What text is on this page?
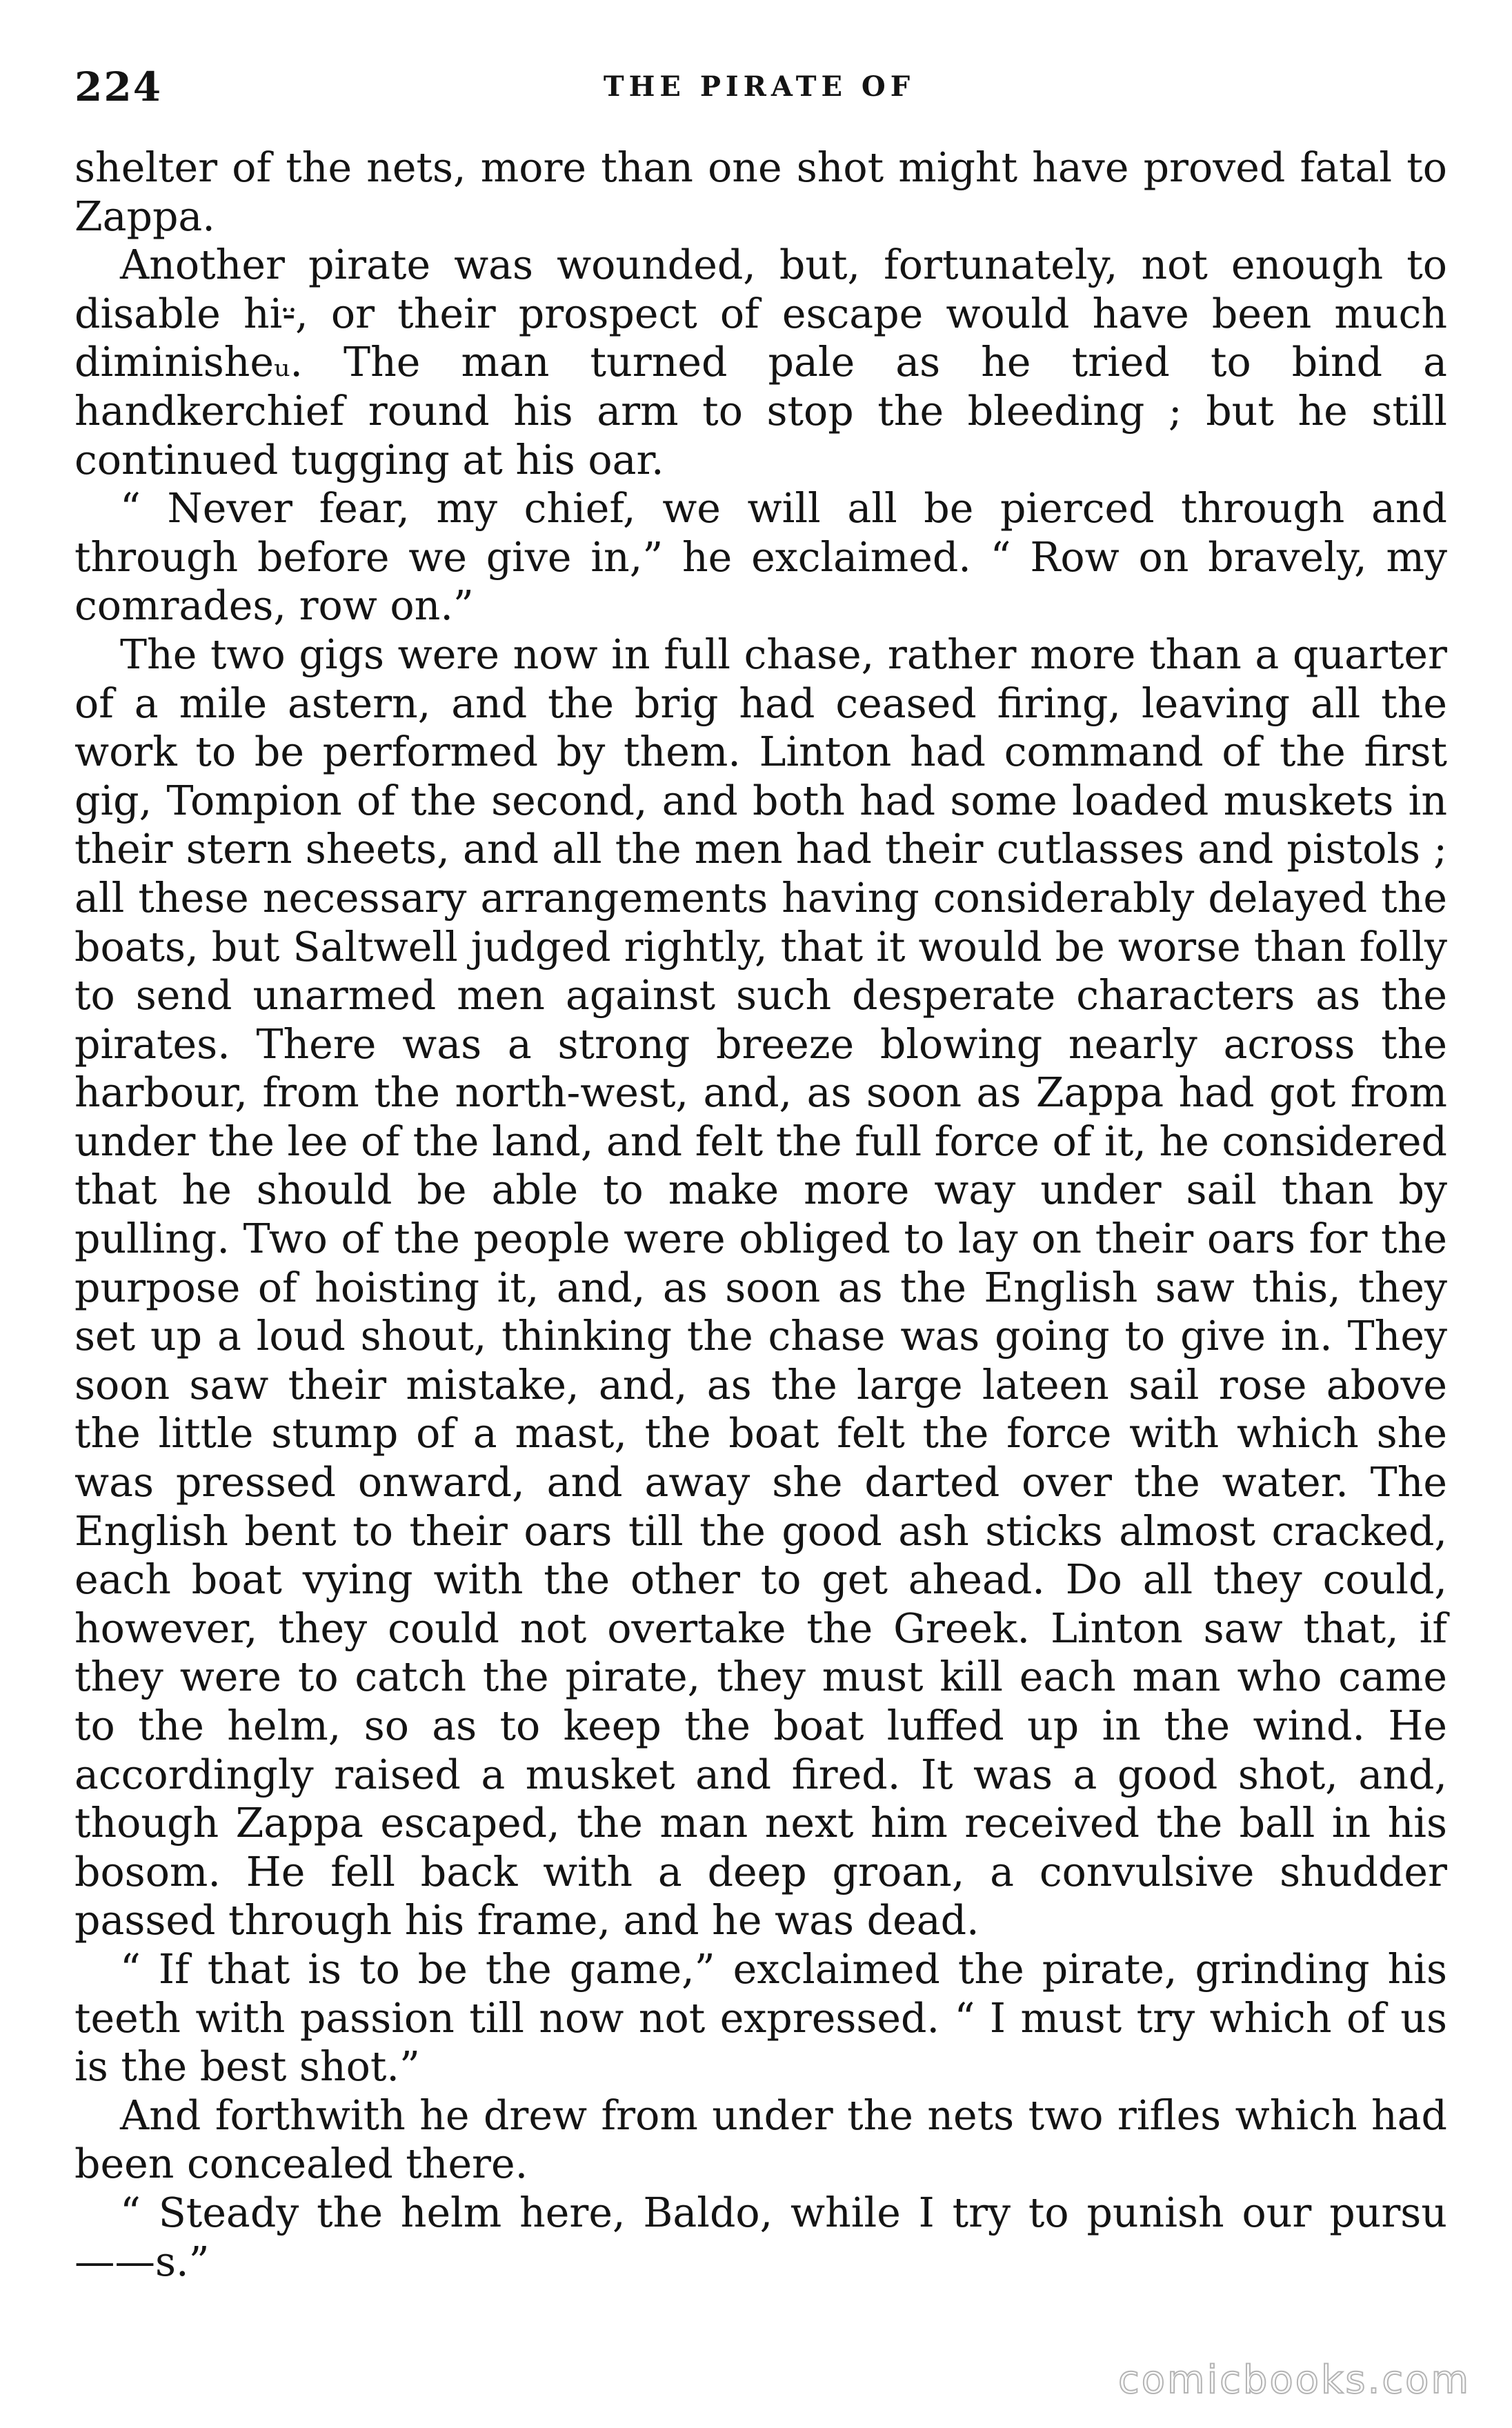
224	THE PIRATE OF

shelter of the nets, more than one shot might have proved fatal to Zappa.

Another pirate was wounded, but, fortunately, not enough to disable hi⸚, or their prospect of escape would have been much diminisheᵤ. The man turned pale as he tried to bind a handkerchief round his arm to stop the bleeding ; but he still continued tugging at his oar.

“ Never fear, my chief, we will all be pierced through and through before we give in,” he exclaimed. “ Row on bravely, my comrades, row on.”

The two gigs were now in full chase, rather more than a quarter of a mile astern, and the brig had ceased firing, leaving all the work to be performed by them. Linton had command of the first gig, Tompion of the second, and both had some loaded muskets in their stern sheets, and all the men had their cutlasses and pistols ; all these necessary arrangements having considerably delayed the boats, but Saltwell judged rightly, that it would be worse than folly to send unarmed men against such desperate characters as the pirates. There was a strong breeze blowing nearly across the harbour, from the north-west, and, as soon as Zappa had got from under the lee of the land, and felt the full force of it, he considered that he should be able to make more way under sail than by pulling. Two of the people were obliged to lay on their oars for the purpose of hoisting it, and, as soon as the English saw this, they set up a loud shout, thinking the chase was going to give in. They soon saw their mistake, and, as the large lateen sail rose above the little stump of a mast, the boat felt the force with which she was pressed onward, and away she darted over the water. The English bent to their oars till the good ash sticks almost cracked, each boat vying with the other to get ahead. Do all they could, however, they could not overtake the Greek. Linton saw that, if they were to catch the pirate, they must kill each man who came to the helm, so as to keep the boat luffed up in the wind. He accordingly raised a musket and fired. It was a good shot, and, though Zappa escaped, the man next him received the ball in his bosom. He fell back with a deep groan, a convulsive shudder passed through his frame, and he was dead.

“ If that is to be the game,” exclaimed the pirate, grinding his teeth with passion till now not expressed. “ I must try which of us is the best shot.”

And forthwith he drew from under the nets two rifles which had been concealed there.

“ Steady the helm here, Baldo, while I try to punish our pursu——s.”

comicbooks.com
